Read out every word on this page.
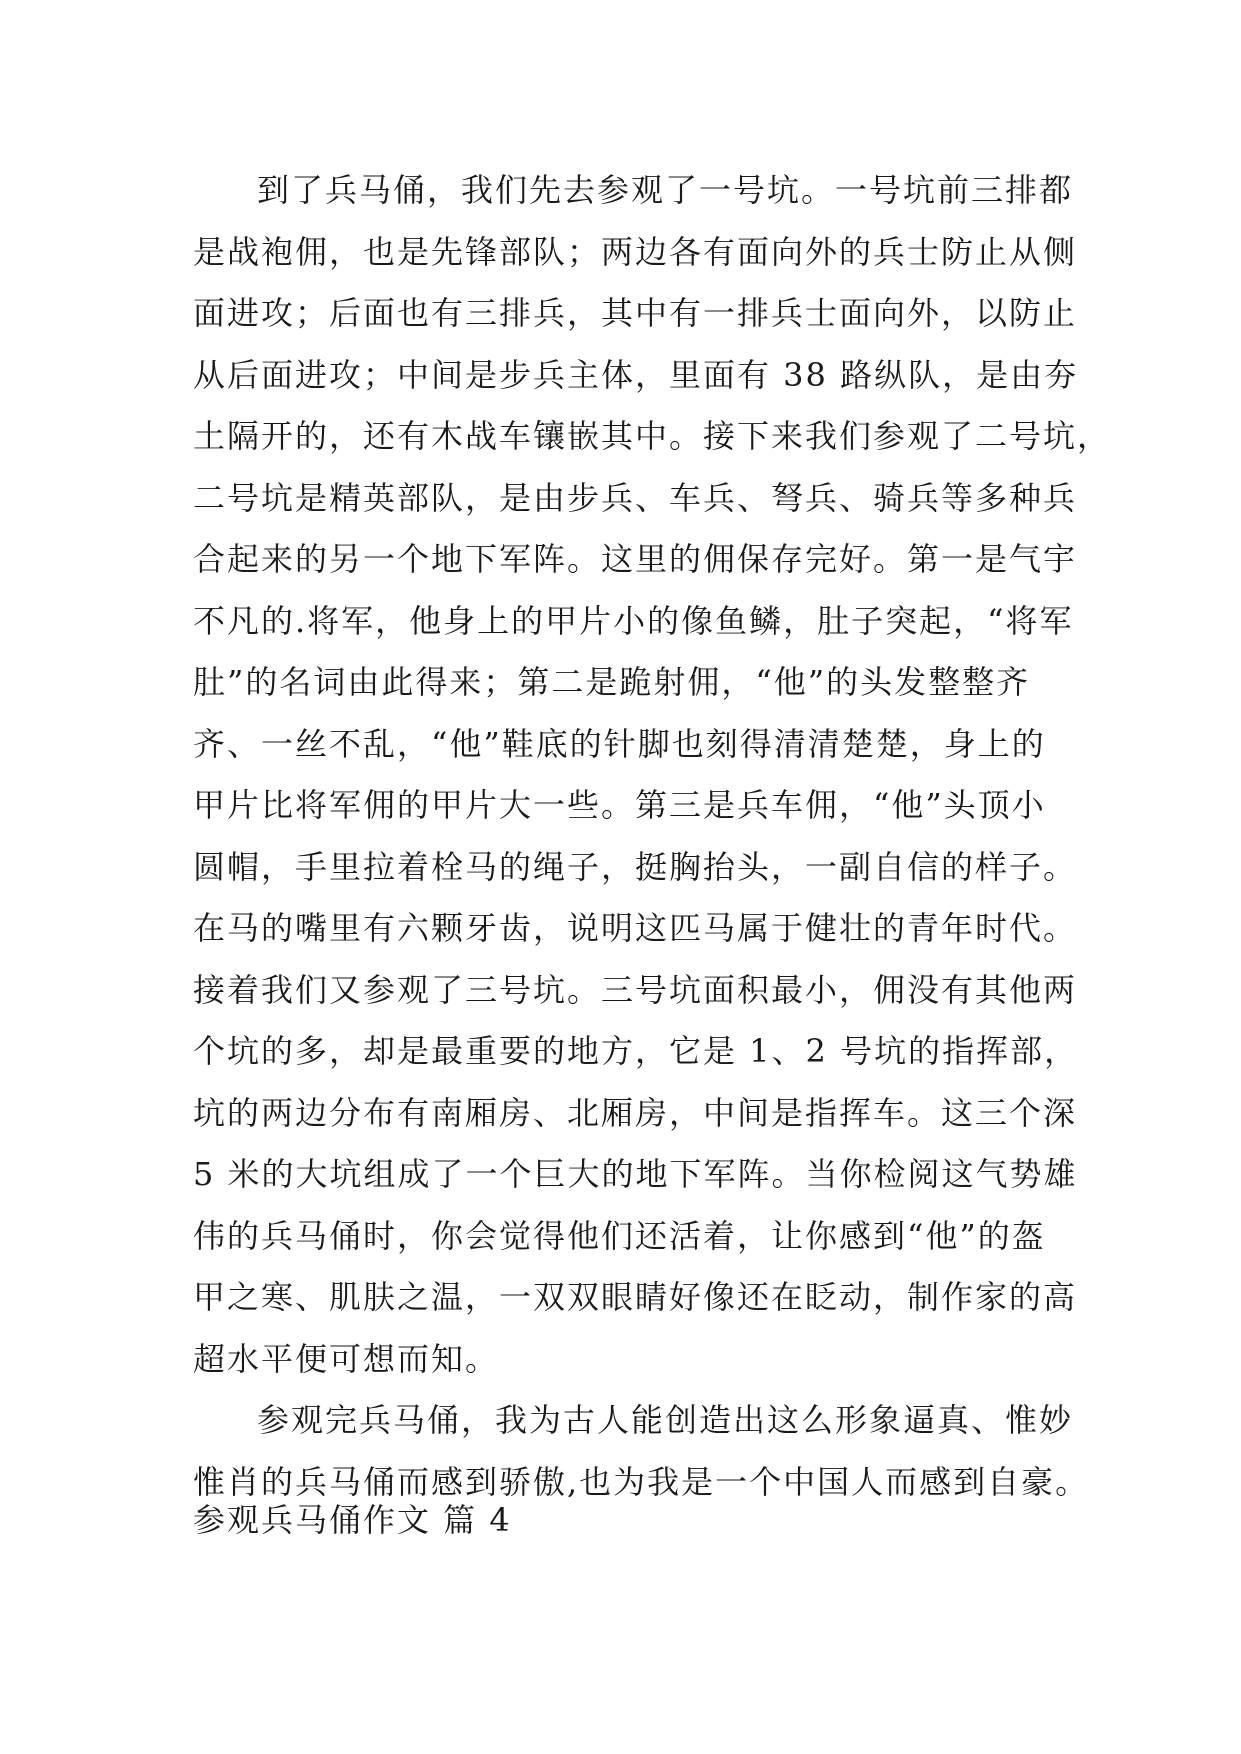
到了兵马俑，我们先去参观了一号坑。一号坑前三排都
是战袍佣，也是先锋部队；两边各有面向外的兵士防止从侧
面进攻；后面也有三排兵，其中有一排兵士面向外，以防止
从后面进攻；中间是步兵主体，里面有 38 路纵队，是由夯
土隔开的，还有木战车镶嵌其中。接下来我们参观了二号坑，
二号坑是精英部队，是由步兵、车兵、弩兵、骑兵等多种兵
合起来的另一个地下军阵。这里的佣保存完好。第一是气宇
不凡的.将军，他身上的甲片小的像鱼鳞，肚子突起，“将军
肚”的名词由此得来；第二是跪射佣，“他”的头发整整齐
齐、一丝不乱，“他”鞋底的针脚也刻得清清楚楚，身上的
甲片比将军佣的甲片大一些。第三是兵车佣，“他”头顶小
圆帽，手里拉着栓马的绳子，挺胸抬头，一副自信的样子。
在马的嘴里有六颗牙齿，说明这匹马属于健壮的青年时代。
接着我们又参观了三号坑。三号坑面积最小，佣没有其他两
个坑的多，却是最重要的地方，它是 1、2 号坑的指挥部，
坑的两边分布有南厢房、北厢房，中间是指挥车。这三个深
5 米的大坑组成了一个巨大的地下军阵。当你检阅这气势雄
伟的兵马俑时，你会觉得他们还活着，让你感到“他”的盔
甲之寒、肌肤之温，一双双眼睛好像还在眨动，制作家的高
超水平便可想而知。
参观完兵马俑，我为古人能创造出这么形象逼真、惟妙
惟肖的兵马俑而感到骄傲,也为我是一个中国人而感到自豪。
参观兵马俑作文 篇 4
